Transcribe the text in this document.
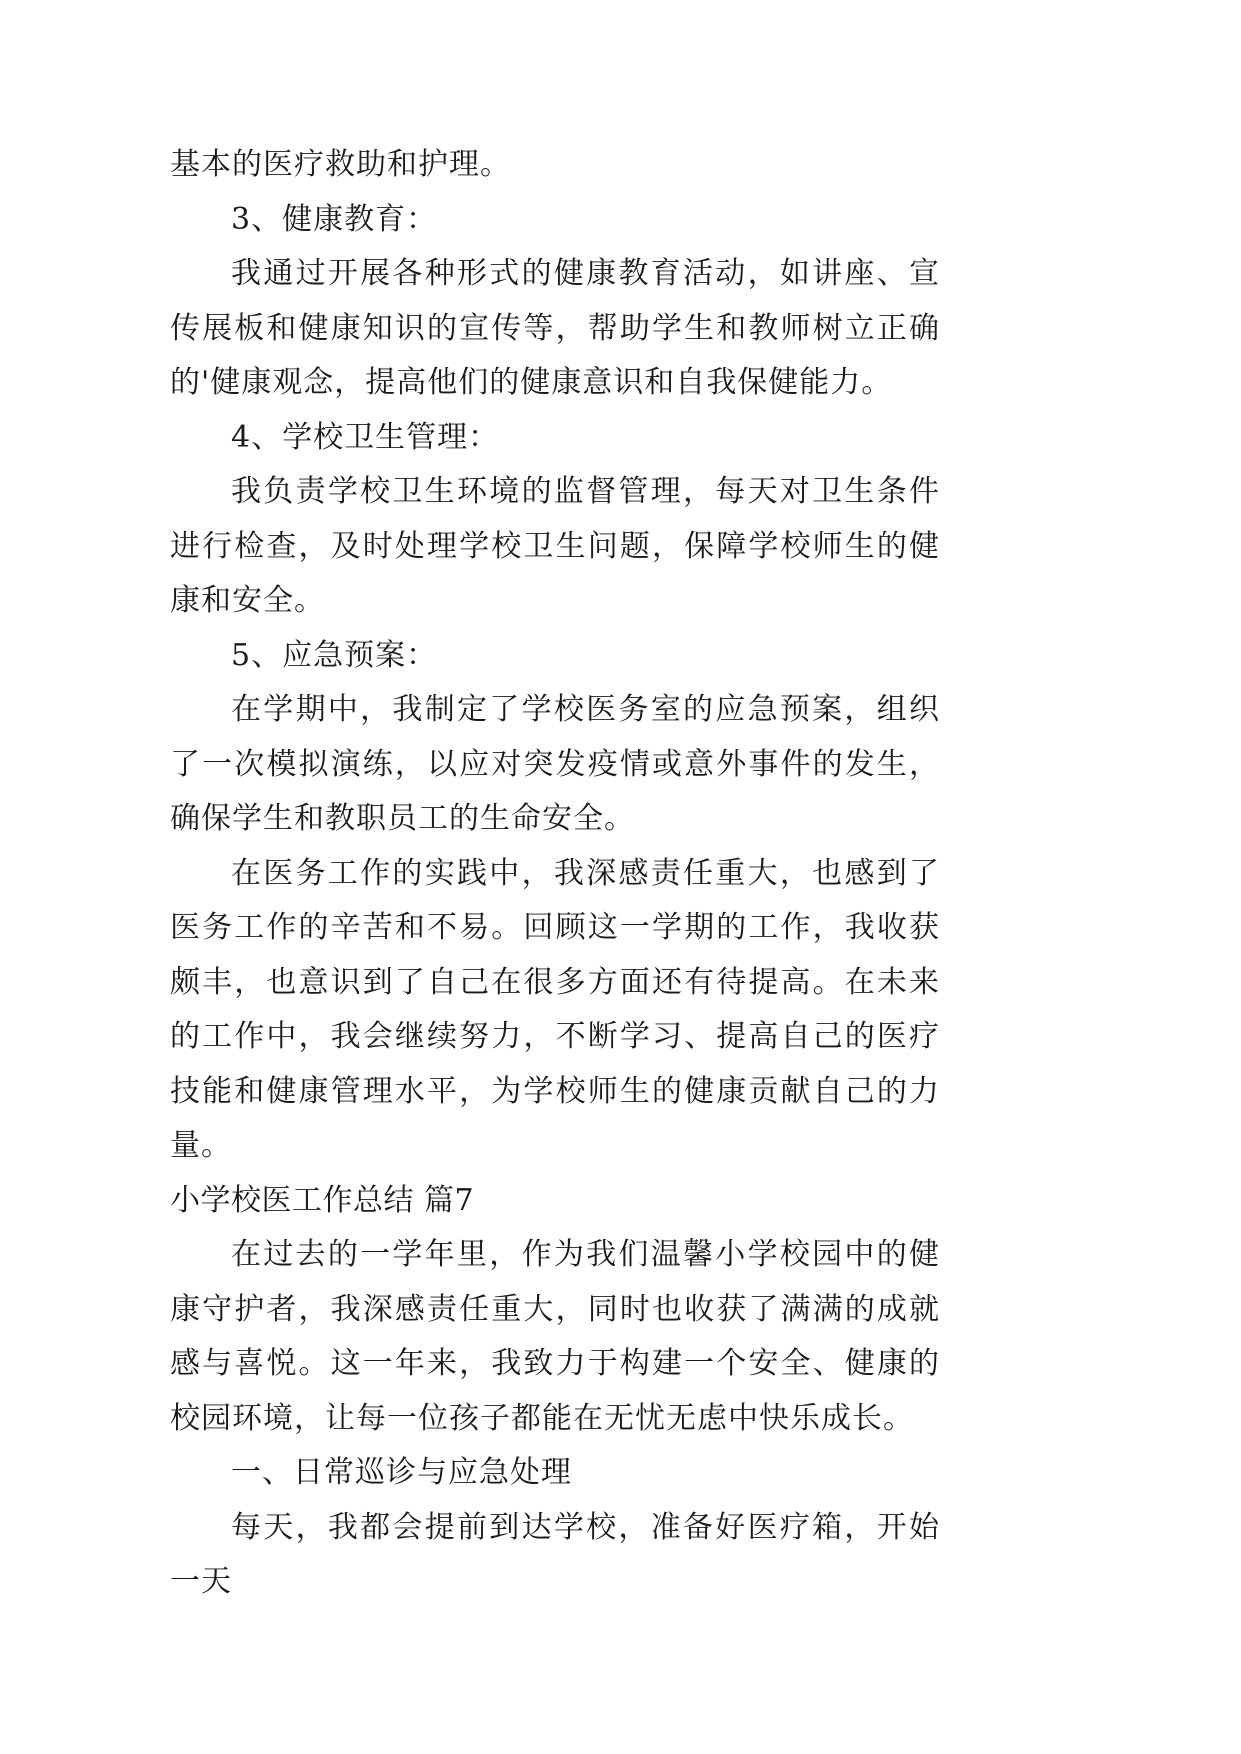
基本的医疗救助和护理。

3、健康教育：

我通过开展各种形式的健康教育活动，如讲座、宣传展板和健康知识的宣传等，帮助学生和教师树立正确的'健康观念，提高他们的健康意识和自我保健能力。

4、学校卫生管理：

我负责学校卫生环境的监督管理，每天对卫生条件进行检查，及时处理学校卫生问题，保障学校师生的健康和安全。

5、应急预案：

在学期中，我制定了学校医务室的应急预案，组织了一次模拟演练，以应对突发疫情或意外事件的发生，确保学生和教职员工的生命安全。

在医务工作的实践中，我深感责任重大，也感到了医务工作的辛苦和不易。回顾这一学期的工作，我收获颇丰，也意识到了自己在很多方面还有待提高。在未来的工作中，我会继续努力，不断学习、提高自己的医疗技能和健康管理水平，为学校师生的健康贡献自己的力量。

小学校医工作总结 篇7

在过去的一学年里，作为我们温馨小学校园中的健康守护者，我深感责任重大，同时也收获了满满的成就感与喜悦。这一年来，我致力于构建一个安全、健康的校园环境，让每一位孩子都能在无忧无虑中快乐成长。

一、日常巡诊与应急处理

每天，我都会提前到达学校，准备好医疗箱，开始一天
